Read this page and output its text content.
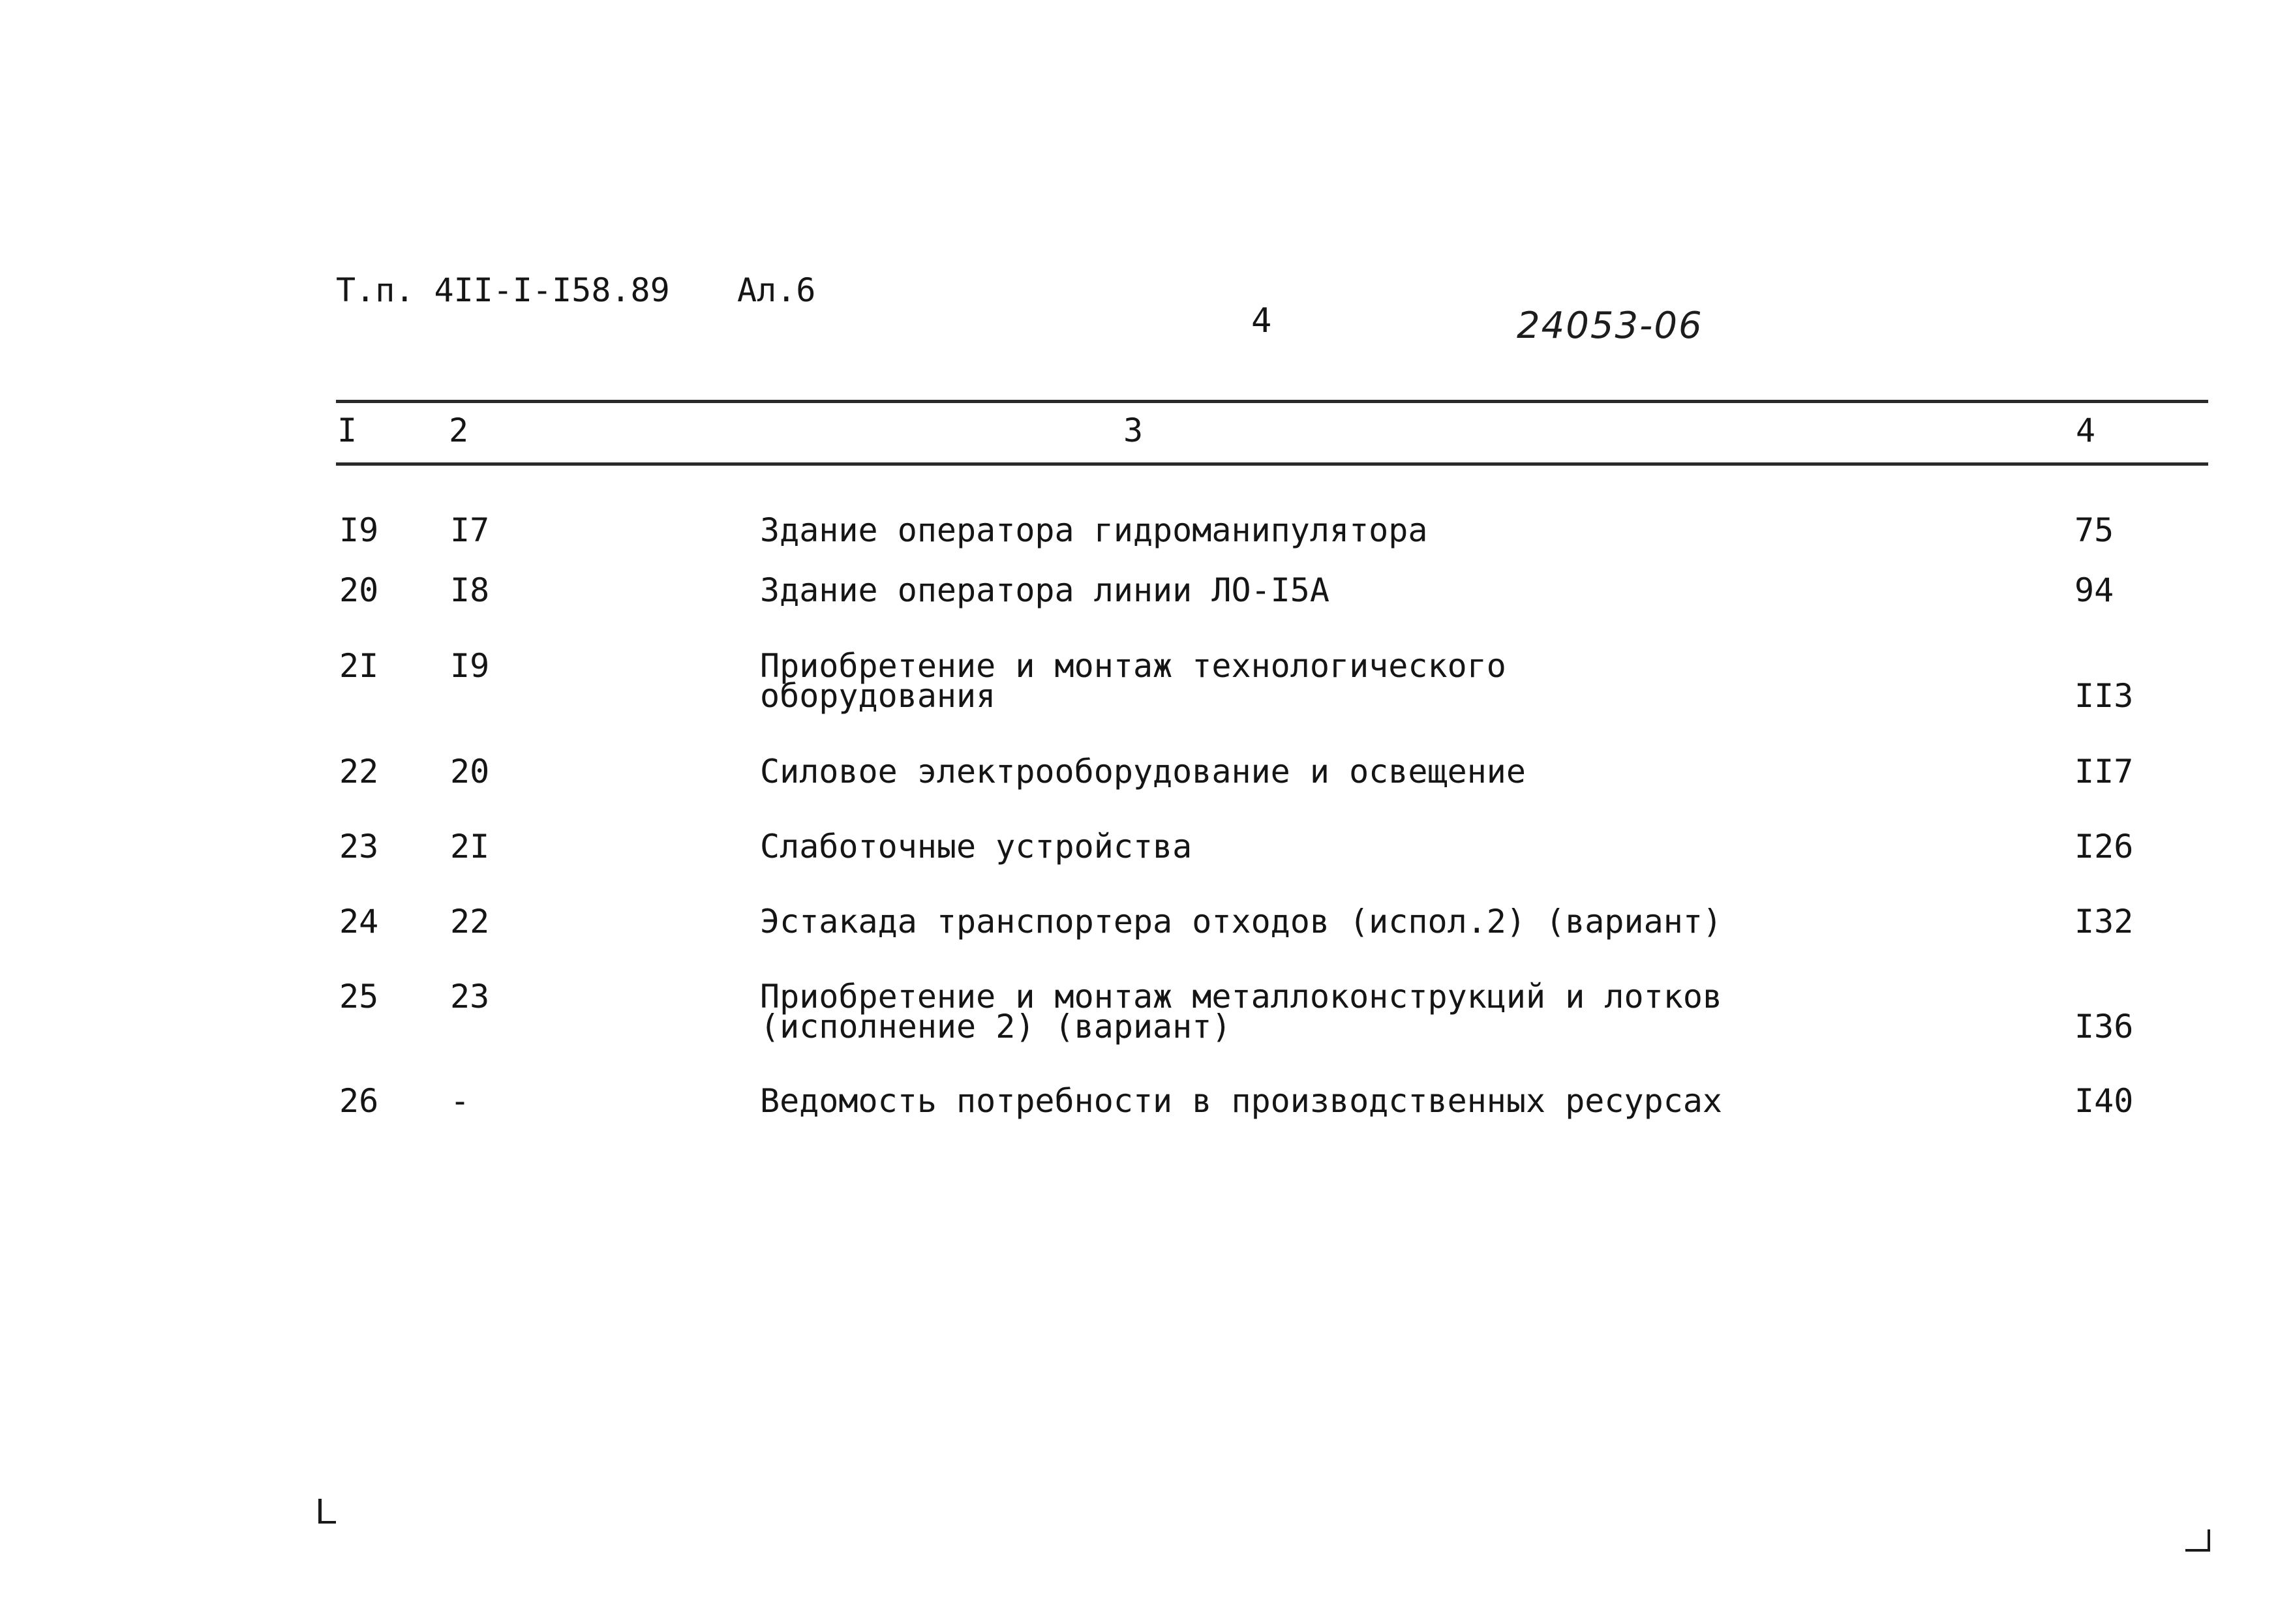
Т.п. 4II-I-I58.89 Ал.6
4	24053-06
I	2	3	4
I9 I7	Здание оператора гидроманипулятора	75
20 I8	Здание оператора линии ЛО-I5А	94
2I I9	Приобретение и монтаж технологического
оборудования	II3
22 20	Силовое электрооборудование и освещение	II7
23 2I	Слаботочные устройства	I26
24 22	Эстакада транспортера отходов (испол.2) (вариант)	I32
25 23	Приобретение и монтаж металлоконструкций и лотков
(исполнение 2) (вариант)	I36
26 -	Ведомость потребности в производственных ресурсах	I40
